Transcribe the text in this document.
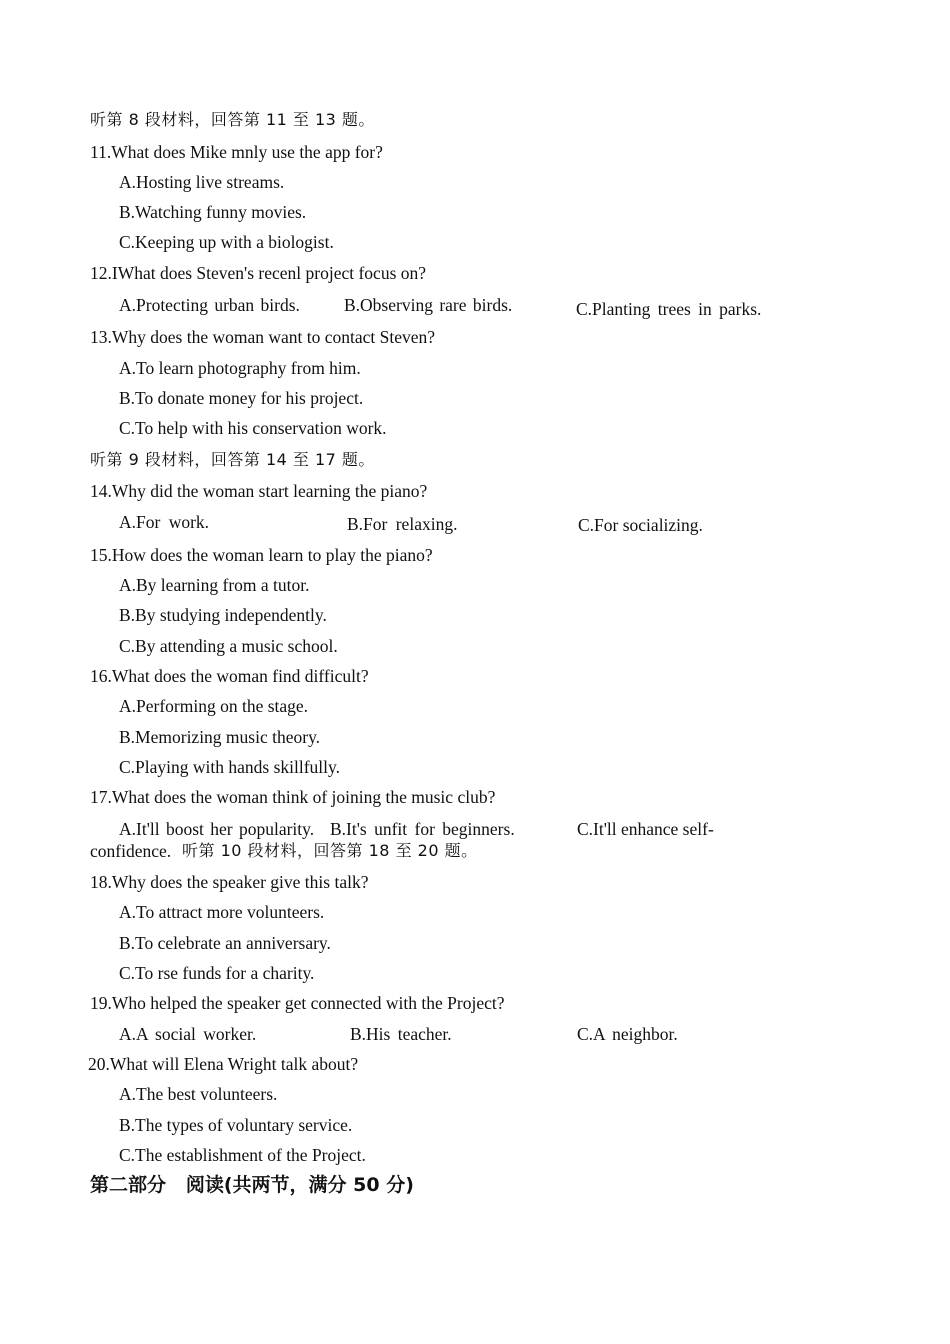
听第 8 段材料，回答第 11 至 13 题。
11.What does Mike mnly use the app for?
A.Hosting live streams.
B.Watching funny movies.
C.Keeping up with a biologist.
12.IWhat does Steven's recenl project focus on?
A.Protecting urban birds.	B.Observing rare birds.	C.Planting trees in parks.
13.Why does the woman want to contact Steven?
A.To learn photography from him.
B.To donate money for his project.
C.To help with his conservation work.
听第 9 段材料，回答第 14 至 17 题。
14.Why did the woman start learning the piano?
A.For work.	B.For relaxing.	C.For socializing.
15.How does the woman learn to play the piano?
A.By learning from a tutor.
B.By studying independently.
C.By attending a music school.
16.What does the woman find difficult?
A.Performing on the stage.
B.Memorizing music theory.
C.Playing with hands skillfully.
17.What does the woman think of joining the music club?
A.It'll boost her popularity. B.It's unfit for beginners.	C.It'll enhance self-
confidence. 听第 10 段材料，回答第 18 至 20 题。
18.Why does the speaker give this talk?
A.To attract more volunteers.
B.To celebrate an anniversary.
C.To rse funds for a charity.
19.Who helped the speaker get connected with the Project?
A.A social worker.	B.His teacher.	C.A neighbor.
20.What will Elena Wright talk about?
A.The best volunteers.
B.The types of voluntary service.
C.The establishment of the Project.
第二部分   阅读(共两节，满分 50 分)
